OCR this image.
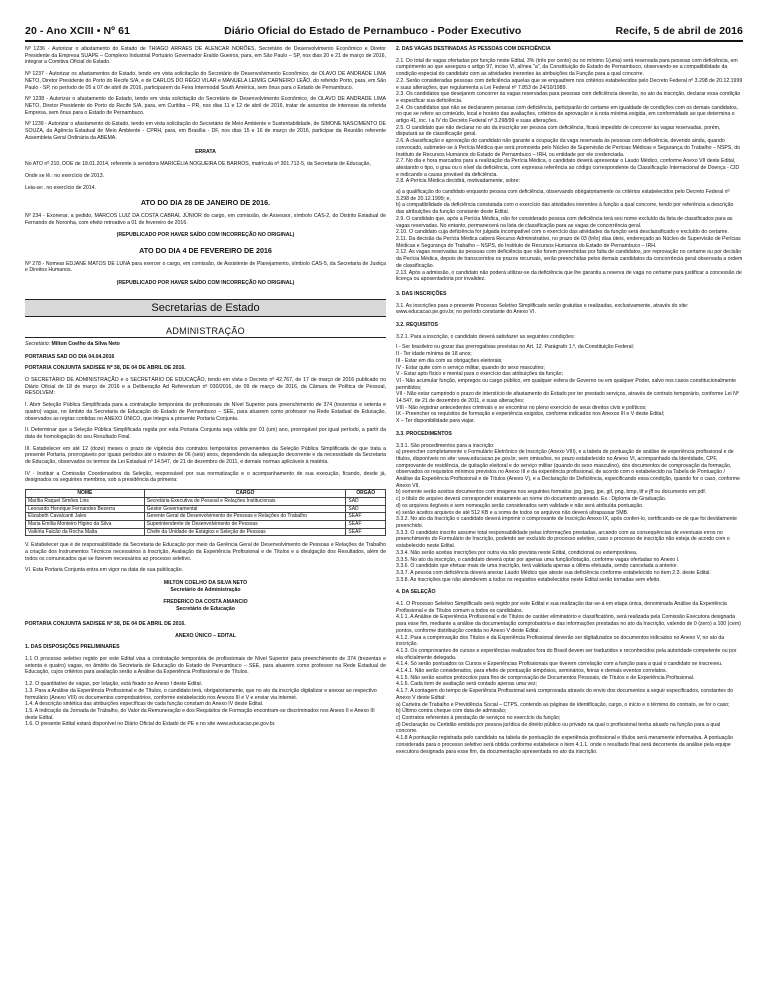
20 - Ano XCIII • Nº 61	Diário Oficial do Estado de Pernambuco - Poder Executivo	Recife, 5 de abril de 2016

Nº 1236 - Autorizar o afastamento do Estado de THIAGO ARRAES DE ALENCAR NORÕES, Secretário de Desenvolvimento Econômico e Diretor Presidente da Empresa SUAPE – Complexo Industrial Portuário Governador Eraldo Gueiros, para, em São Paulo – SP, nos dias 20 e 21 de março de 2016, integrar a Comitiva Oficial do Estado.

Nº 1237 - Autorizar os afastamentos do Estado, tendo em vista solicitação do Secretário de Desenvolvimento Econômico, de OLAVO DE ANDRADE LIMA NETO, Diretor Presidente do Porto do Recife S/A, e de CARLOS DO RÊGO VILAR e MANUELA LEIMIG CARNEIRO LEÃO, do referido Porto, para, em São Paulo - SP, no período de 05 a 07 de abril de 2016, participarem da Feira Intermodal South América, sem ônus para o Estado de Pernambuco.

Nº 1238 - Autorizar o afastamento do Estado, tendo em vista solicitação do Secretário de Desenvolvimento Econômico, de OLAVO DE ANDRADE LIMA NETO, Diretor Presidente do Porto do Recife S/A, para, em Curitiba – PR, nos dias 11 e 12 de abril de 2016, tratar de assuntos de interesse da referida Empresa, sem ônus para o Estado de Pernambuco.

Nº 1239 - Autorizar o afastamento do Estado, tendo em vista solicitação do Secretário de Meio Ambiente e Sustentabilidade, de SIMONE NASCIMENTO DE SOUZA, da Agência Estadual de Meio Ambiente - CPRH, para, em Brasília - DF, nos dias 15 e 16 de março de 2016, participar da Reunião referente Assembleia Geral Ordinária da ABEMA.

ERRATA

No ATO nº 210, DOE de 18.01.2014, referente à servidora MARICÉLIA NOGUEIRA DE BARROS, matrícula nº 301.712-5, da Secretaria de Educação,

Onde se lê.: no exercício de 2013.

Leia-se:. no exercício de 2014.

ATO DO DIA 28 DE JANEIRO DE 2016.

Nº 234 - Exonerar, a pedido, MARCOS LUIZ DA COSTA CABRAL JÚNIOR do cargo, em comissão, de Assessor, símbolo CAS-2, do Distrito Estadual de Fernando de Noronha, com efeito retroativo a 01 de fevereiro de 2016.

(REPUBLICADO POR HAVER SAÍDO COM INCORREÇÃO NO ORIGINAL)
ATO DO DIA 4 DE FEVEREIRO DE 2016

Nº 278 - Nomear EDJANE MATOS DE LUNA para exercer o cargo, em comissão, de Assistente de Planejamento, símbolo CAS-5, da Secretaria de Justiça e Direitos Humanos.

(REPUBLICADO POR HAVER SAÍDO COM INCORREÇÃO NO ORIGINAL)
Secretarias de Estado
ADMINISTRAÇÃO

Secretário: Milton Coelho da Silva Neto

PORTARIAS SAD DO DIA 04.04.2016

PORTARIA CONJUNTA SAD/SEE Nº 38, DE 04 DE ABRIL DE 2016.

O SECRETÁRIO DE ADMINISTRAÇÃO e o SECRETÁRIO DE EDUCAÇÃO, tendo em vista o Decreto nº 42.767, de 17 de março de 2016 publicado no Diário Oficial de 18 de março de 2016 e a Deliberação Ad Referendum nº 030/2016, de 09 de março de 2016, da Câmara de Política de Pessoal, RESOLVEM:

I. Abrir Seleção Pública Simplificada para a contratação temporária de profissionais de Nível Superior para preenchimento de 374 (trezentas e setenta e quatro) vagas, no âmbito da Secretaria de Educação do Estado de Pernambuco – SEE, para atuarem como professor na Rede Estadual de Educação, observados as regras contidas no ANEXO ÚNICO, que integra a presente Portaria Conjunta.

II. Determinar que a Seleção Pública Simplificada regida por esta Portaria Conjunta seja válida por 01 (um) ano, prorrogável por igual período, a partir da data de homologação do seu Resultado Final.

III. Estabelecer em até 12 (doze) meses o prazo de vigência dos contratos temporários provenientes da Seleção Pública Simplificada de que trata a presente Portaria, prorrogáveis por iguais períodos até o máximo de 06 (seis) anos, dependendo da adequação decorrente e da necessidade da Secretaria de Educação, observados os termos da Lei Estadual nº 14.547, de 21 de dezembro de 2011, e demais normas aplicáveis à matéria.

IV - Instituir a Comissão Coordenadora da Seleção, responsável por sua normatização e o acompanhamento de sua execução, ficando, desde já, designados os seguintes membros, sob a presidência da primeira:

NOME	CARGO	ÓRGÃO
Marília Raquel Simões Lins	Secretária Executiva de Pessoal e Relações Institucionais	SAD
Leonardo Henrique Fernandes Bezerra	Gestor Governamental	SAD
Elizabeth Cavalcanti Jales	Gerente Geral de Desenvolvimento de Pessoas e Relações do Trabalho	SEAF
Maria Emília Monteiro Higino da Silva	Superintendente de Desenvolvimento de Pessoas	SEAF
Valkíria Falcão da Rocha Malta	Chefe da Unidade de Estágios e Seleção de Pessoas	SEAF

V. Estabelecer que é de responsabilidade da Secretaria de Educação por meio da Gerência Geral de Desenvolvimento de Pessoas e Relações de Trabalho a criação dos Instrumentos Técnicos necessários à Inscrição, Avaliação da Experiência Profissional e de Títulos e a divulgação dos Resultados, além de todos os comunicados que se fizerem necessários ao processo seletivo.

VI. Esta Portaria Conjunta entra em vigor na data de sua publicação.

MILTON COELHO DA SILVA NETO
Secretário de Administração
FREDERICO DA COSTA AMANCIO
Secretário de Educação

PORTARIA CONJUNTA SAD/SEE Nº 38, DE 04 DE ABRIL DE 2016.

ANEXO ÚNICO – EDITAL

1. DAS DISPOSIÇÕES PRELIMINARES

1.1 O processo seletivo regido por este Edital visa a contratação temporária de profissionais de Nível Superior para preenchimento de 374 (trezentas e setenta e quatro) vagas, no âmbito da Secretaria de Educação do Estado de Pernambuco – SEE, para atuarem como professor na Rede Estadual de Educação, cujos critérios para avaliação serão a Análise da Experiência Profissional e de Títulos.

1.2. O quantitativo de vagas, por lotação, está fixado no Anexo I deste Edital.

1.3. Para a Análise da Experiência Profissional e de Títulos, o candidato terá, obrigatoriamente, que no ato da inscrição digitalizar e anexar ao respectivo formulário (Anexo VIII) os documentos comprobatórios, conforme estabelecido nos Anexos III e V e enviar via internet.

1.4. A descrição sintética das atribuições específicas de cada função constam do Anexo IV deste Edital.

1.5. A indicação da Jornada de Trabalho, do Valor da Remuneração e dos Requisitos de Formação encontram-se discriminados nos Anexo II e Anexo III deste Edital.

1.6. O presente Edital estará disponível no Diário Oficial do Estado de PE e no site www.educacao.pe.gov.br.

2. DAS VAGAS DESTINADAS ÀS PESSOAS COM DEFICIÊNCIA

2.1. Do total de vagas ofertadas por função neste Edital, 3% (três por cento) ou no mínimo 1(uma) será reservada para pessoas com deficiência, em cumprimento ao que assegura o artigo 97, inciso VI, alínea "a", da Constituição do Estado de Pernambuco, observando-se a compatibilidade da condição especial do candidato com as atividades inerentes às atribuições da Função para a qual concorre.

2.2. Serão consideradas pessoas com deficiência aquelas que se enquadrem nos critérios estabelecidos pelo Decreto Federal nº 3.298 de 20.12.1999 e suas alterações, que regulamenta a Lei Federal nº 7.853 de 24/10/1989.

2.3. Os candidatos que desejarem concorrer às vagas reservadas para pessoas com deficiência deverão, no ato da inscrição, declarar essa condição e especificar sua deficiência.

2.4. Os candidatos que não se declararem pessoas com deficiência, participarão do certame em igualdade de condições com os demais candidatos, no que se refere ao conteúdo, local e horário das avaliações, critérios de aprovação e à nota mínima exigida, em conformidade ao que determina o artigo 41, inc. I a IV do Decreto Federal nº 3.298/99 e suas alterações.

2.5. O candidato que não declarar no ato da inscrição ser pessoa com deficiência, ficará impedido de concorrer às vagas reservadas, porém, disputará as de classificação geral.

2.6. A classificação e aprovação do candidato não garante a ocupação da vaga reservada às pessoas com deficiência, devendo ainda, quando convocado, submeter-se à Perícia Médica que será promovida pelo Núcleo de Supervisão de Perícias Médicas e Segurança do Trabalho – NSPS, do Instituto de Recursos Humanos do Estado de Pernambuco – IRH, ou entidade por ele credenciada.

2.7. No dia e hora marcados para a realização da Perícia Médica, o candidato deverá apresentar o Laudo Médico, conforme Anexo VII deste Edital, atestando o tipo, o grau ou o nível da deficiência, com expressa referência ao código correspondente da Classificação Internacional de Doença - CID e indicando a causa provável da deficiência.

2.8. A Perícia Médica decidirá, motivadamente, sobre:

a) a qualificação do candidato enquanto pessoa com deficiência, observando obrigatoriamente os critérios estabelecidos pelo Decreto Federal nº 3.298 de 20.12.1999; e,

b) a compatibilidade da deficiência constatada com o exercício das atividades inerentes à função a qual concorre, tendo por referência a descrição das atribuições da função constante deste Edital.

2.9. O candidato que, após a Perícia Médica, não for considerado pessoa com deficiência terá seu nome excluído da lista de classificados para as vagas reservadas. No entanto, permanecerá na lista de classificação para as vagas de concorrência geral.

2.10. O candidato cuja deficiência for julgada incompatível com o exercício das atividades da função será desclassificado e excluído do certame.

2.11. Da decisão da Perícia Médica caberá Recurso Administrativo, no prazo de 03 (três) dias úteis, endereçado ao Núcleo de Supervisão de Perícias Médicas e Segurança do Trabalho – NSPS, do Instituto de Recursos Humanos do Estado de Pernambuco – IRH.

2.12. As vagas reservadas às pessoas com deficiência que não forem preenchidas por falta de candidatos, por reprovação no certame ou por decisão da Perícia Médica, depois de transcorridos os prazos recursais, serão preenchidas pelos demais candidatos da concorrência geral observada a ordem de classificação.

2.13. Após a admissão, o candidato não poderá utilizar-se da deficiência que lhe garantiu a reserva de vaga no certame para justificar a concessão de licença ou aposentadoria por invalidez.

3. DAS INSCRIÇÕES

3.1. As inscrições para o presente Processo Seletivo Simplificado serão gratuitas e realizadas, exclusivamente, através do site: www.educacao.pe.gov.br, no período constante do Anexo VI.

3.2. REQUISITOS

3.2.1. Para a inscrição, o candidato deverá satisfazer as seguintes condições:

I - Ser brasileiro ou gozar das prerrogativas previstas no Art. 12. Parágrafo 1.º, da Constituição Federal;

II - Ter idade mínima de 18 anos;

III - Estar em dia com as obrigações eleitorais;

IV - Estar quite com o serviço militar, quando do sexo masculino;

V - Estar apto físico e mental para o exercício das atribuições da função;

VI - Não acumular função, empregos ou cargo público, em qualquer esfera de Governo ou em qualquer Poder, salvo nos casos constitucionalmente permitidos;

VII - Não estar cumprindo o prazo de interstício de afastamento do Estado por ter prestado serviços, através de contrato temporário, conforme Lei Nº 14.547, de 21 de dezembro de 2011, e suas alterações;

VIII - Não registrar antecedentes criminais e se encontrar no pleno exercício de seus direitos civis e políticos;

IX - Preencher os requisitos de formação e experiência exigidos, conforme indicados nos Anexos III e V deste Edital;

X – Ter disponibilidade para viajar.

3.3. PROCEDIMENTOS

3.3.1. São procedimentos para a inscrição:

a) preencher completamente o Formulário Eletrônico de Inscrição (Anexo VIII), e a tabela de pontuação de análise de experiência profissional e de títulos, disponíveis no site: www.educacao.pe.gov.br, sem omissões, no prazo estabelecido no Anexo VI, acompanhado da Identidade, CPF, comprovante de residência, de quitação eleitoral e do serviço militar (quando do sexo masculino), dos documentos de comprovação da formação, observados os requisitos mínimos previstos no Anexo III e da experiência profissional, de acordo com o estabelecido na Tabela de Pontuação / Análise da Experiência Profissional e de Títulos (Anexo V), e a Declaração de Deficiência, especificando essa condição, quando for o caso, conforme Anexo VII.

b) somente serão aceitos documentos com imagens nos seguintes formatos: jpg, jpeg, jpe, gif, png, bmp, tif e jff ou documento em pdf.

c) o título do arquivo deverá corresponder exatamente ao nome do documento anexado. Ex.: Diploma de Graduação.

d) os arquivos ilegíveis e sem nomeação serão considerados sem validade e não será atribuída pontuação.

e) serão aceitos arquivos de até 512 KB e a soma de todos os arquivos não deverá ultrapassar 5MB.

3.3.2. No ato da Inscrição o candidato deverá imprimir o comprovante de Inscrição Anexo IX, após conferi-lo, certificando-se de que foi devidamente preenchido.

3.3.3. O candidato inscrito assume total responsabilidade pelas informações prestadas, arcando com as consequências de eventuais erros no preenchimento do Formulário de Inscrição, podendo ser excluído do processo seletivo, caso o processo de inscrição não esteja de acordo com o estabelecido neste Edital.

3.3.4. Não serão aceitas inscrições por outra via não prevista neste Edital, condicional ou extemporânea.

3.3.5. No ato da inscrição, o candidato deverá optar por apenas uma função/lotação, conforme vagas ofertadas no Anexo I.

3.3.6. O candidato que efetuar mais de uma inscrição, terá validada apenas a última efetuada, sendo cancelada a anterior.

3.3.7. A pessoa com deficiência deverá anexar Laudo Médico que ateste sua deficiência conforme estabelecido no item 2.3. deste Edital.

3.3.8. As inscrições que não atenderem a todos os requisitos estabelecidos neste Edital serão tornadas sem efeito.

4. DA SELEÇÃO

4.1. O Processo Seletivo Simplificado será regido por este Edital e sua realização dar-se-á em etapa única, denominada Análise da Experiência Profissional e de Títulos comum a todos os candidatos.

4.1.1. A Análise de Experiência Profissional e de Títulos de caráter eliminatório e classificatório, será realizada pela Comissão Executora designada para esse fim, mediante a análise da documentação comprobatória e das informações prestadas no ato da Inscrição, valendo de 0 (zero) a 100 (cem) pontos, conforme distribuição contida no Anexo V deste Edital.

4.1.2. Para a comprovação dos Títulos e da Experiência Profissional deverão ser digitalizados os documentos indicados no Anexo V, no ato da inscrição.

4.1.3. Os comprovantes de cursos e experiências realizados fora do Brasil devem ser traduzidos e reconhecidos pela autoridade competente ou por ela oficialmente delegada.

4.1.4. Só serão pontuados os Cursos e Experiências Profissionais que tiverem correlação com a função para a qual o candidato se inscreveu.

4.1.4.1. Não serão considerados, para efeito de pontuação simpósios, seminários, feiras e demais eventos correlatos.

4.1.5. Não serão aceitos protocolos para fins de comprovação de Documentos Pessoais, de Títulos e de Experiência Profissional.

4.1.6. Cada item de avaliação será contado apenas uma vez;

4.1.7. A contagem do tempo de Experiência Profissional será comprovada através do envio dos documentos a seguir especificados, constantes do Anexo V deste Edital:

a) Carteira de Trabalho e Previdência Social – CTPS, contendo as páginas de identificação, cargo, o início e o término do contrato, se for o caso;

b) Último contra cheque com data de admissão;

c) Contratos referentes à prestação de serviços no exercício da função;

d) Declaração ou Certidão emitida por pessoa jurídica de direito público ou privado na qual o profissional tenha atuado na função para a qual concorre.

4.1.8 A pontuação registrada pelo candidato na tabela de pontuação de experiência profissional e títulos será meramente informativa. A pontuação considerada para o processo seletivo será obtida conforme estabelece o item 4.1.1. onde o resultado final será decorrente da análise pela equipe executora designada para esse fim, da documentação apresentada no ato da inscrição.
